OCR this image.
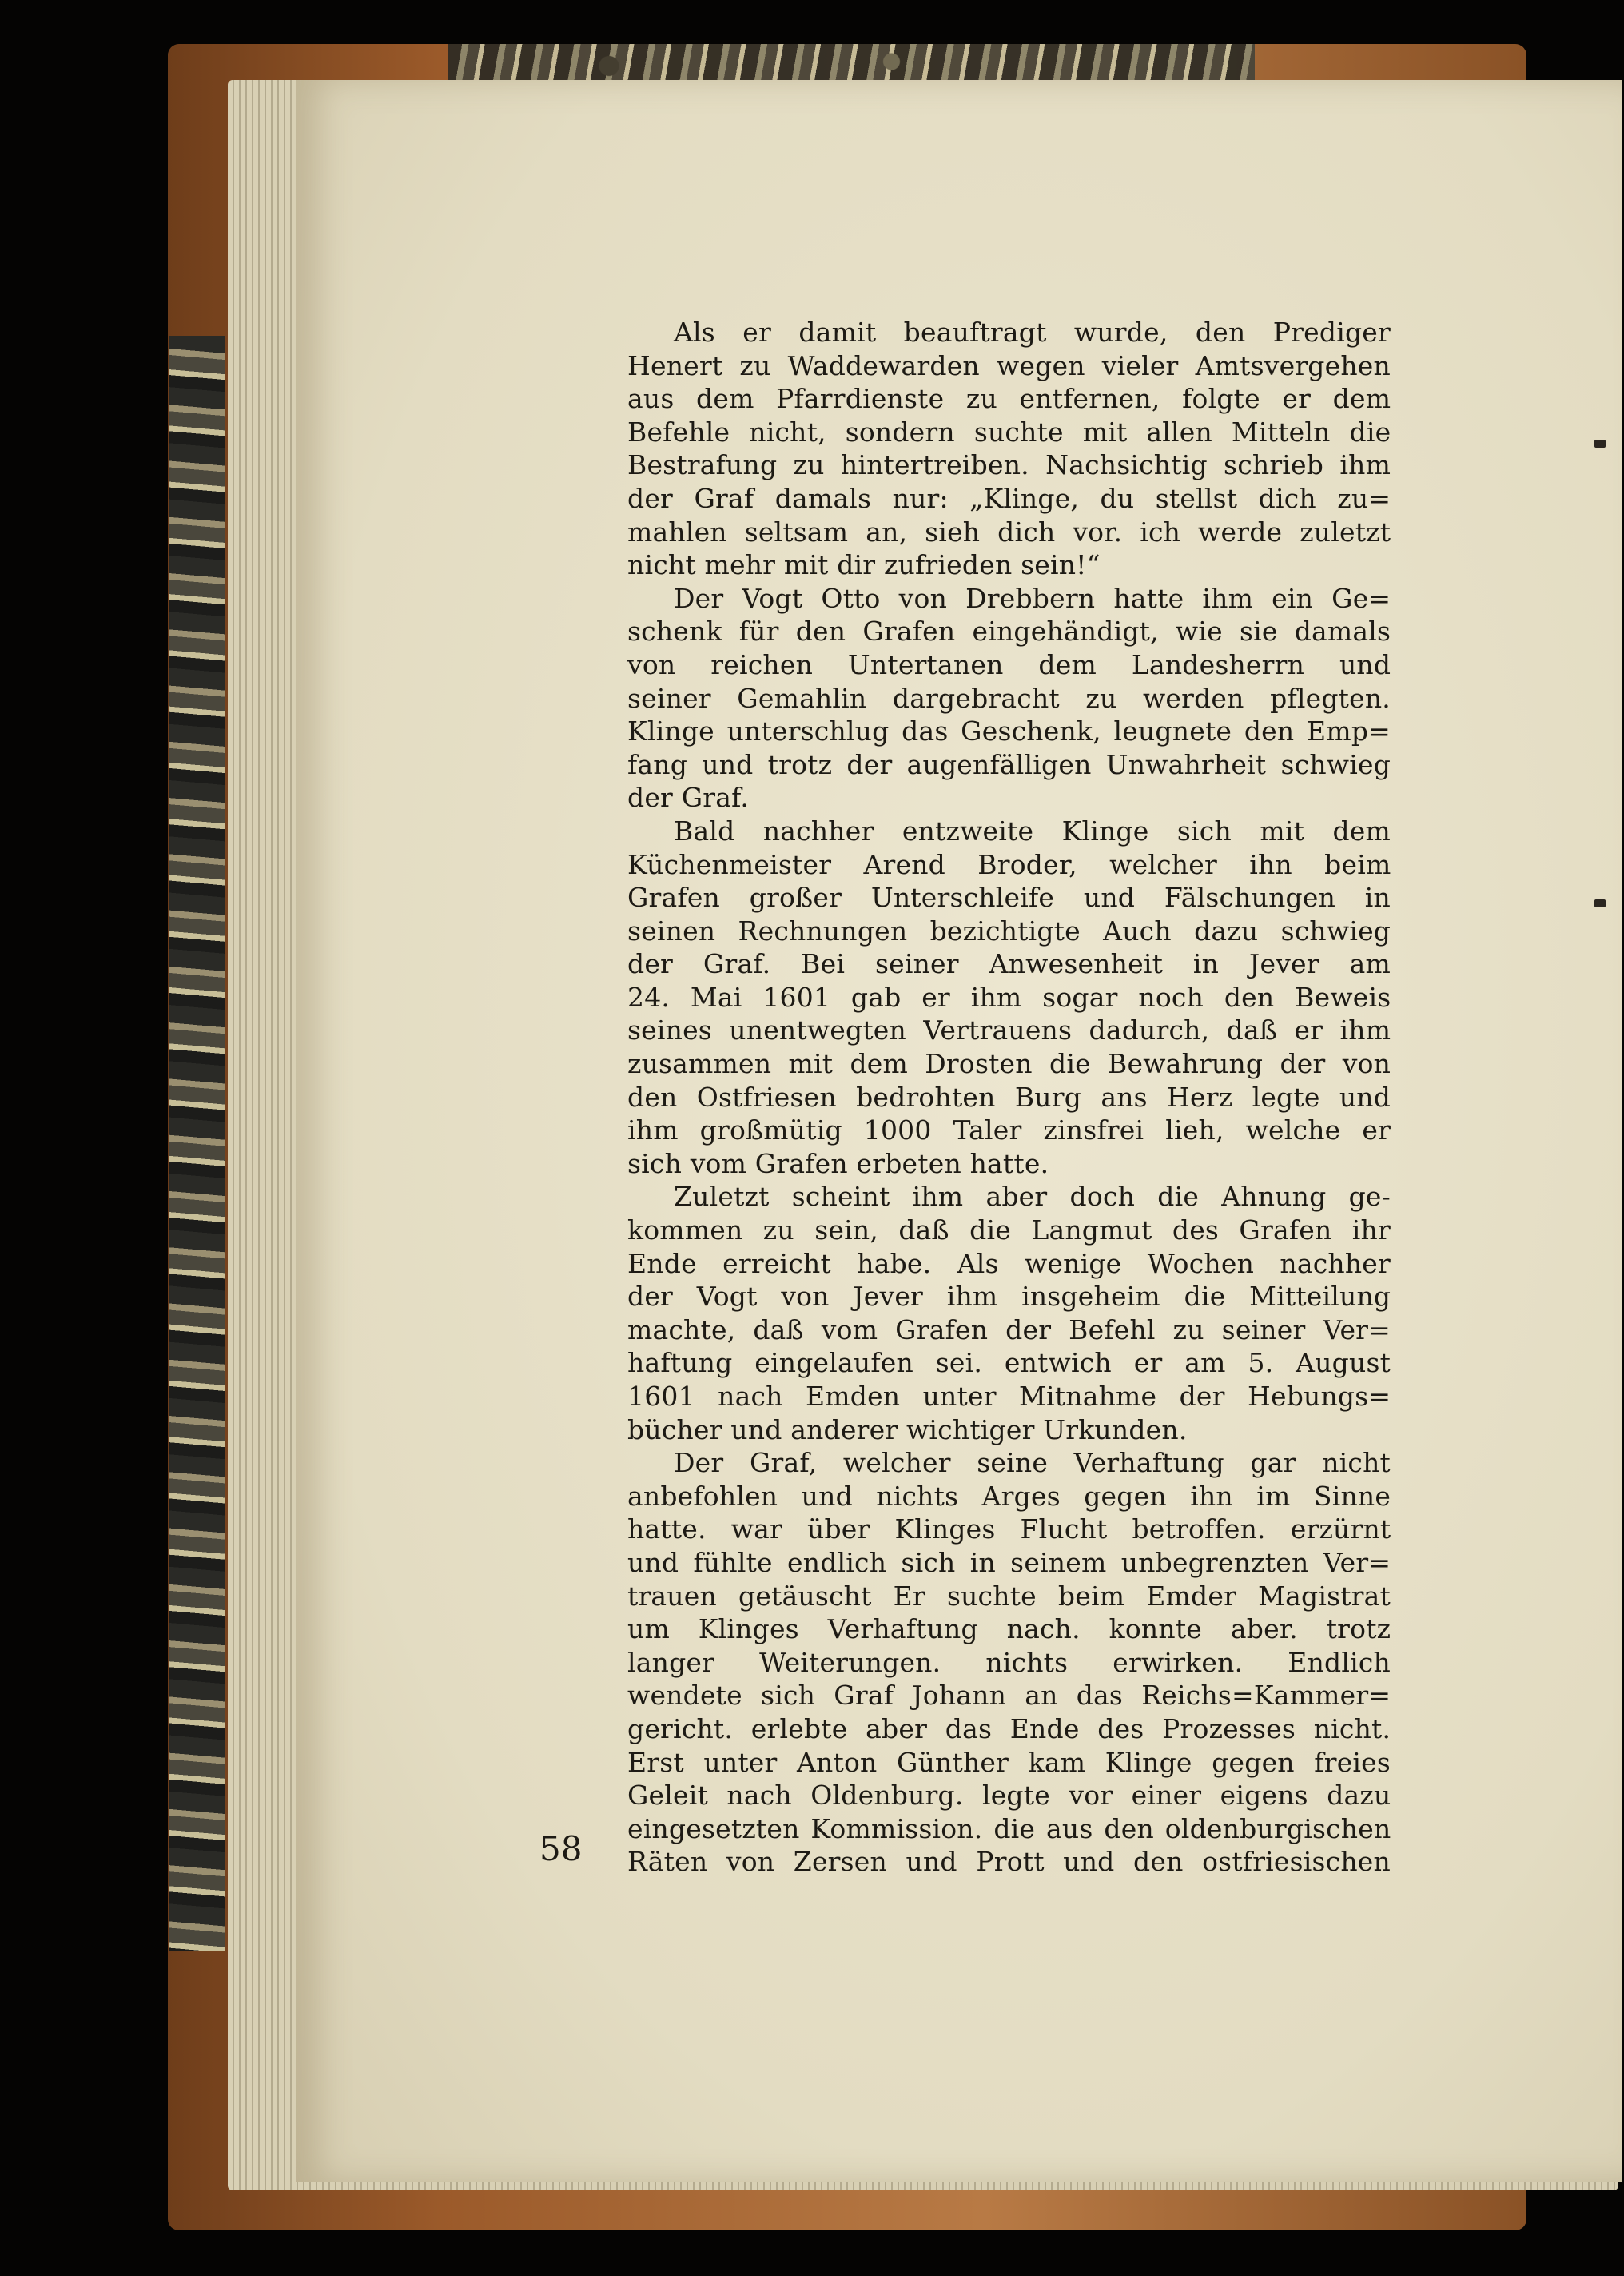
Als er damit beauftragt wurde, den Prediger
Henert zu Waddewarden wegen vieler Amtsvergehen
aus dem Pfarrdienste zu entfernen, folgte er dem
Befehle nicht, sondern suchte mit allen Mitteln die
Bestrafung zu hintertreiben. Nachsichtig schrieb ihm
der Graf damals nur: „Klinge, du stellst dich zu=
mahlen seltsam an, sieh dich vor. ich werde zuletzt
nicht mehr mit dir zufrieden sein!“
Der Vogt Otto von Drebbern hatte ihm ein Ge=
schenk für den Grafen eingehändigt, wie sie damals
von reichen Untertanen dem Landesherrn und
seiner Gemahlin dargebracht zu werden pflegten.
Klinge unterschlug das Geschenk, leugnete den Emp=
fang und trotz der augenfälligen Unwahrheit schwieg
der Graf.
Bald nachher entzweite Klinge sich mit dem
Küchenmeister Arend Broder, welcher ihn beim
Grafen großer Unterschleife und Fälschungen in
seinen Rechnungen bezichtigte Auch dazu schwieg
der Graf. Bei seiner Anwesenheit in Jever am
24. Mai 1601 gab er ihm sogar noch den Beweis
seines unentwegten Vertrauens dadurch, daß er ihm
zusammen mit dem Drosten die Bewahrung der von
den Ostfriesen bedrohten Burg ans Herz legte und
ihm großmütig 1000 Taler zinsfrei lieh, welche er
sich vom Grafen erbeten hatte.
Zuletzt scheint ihm aber doch die Ahnung ge-
kommen zu sein, daß die Langmut des Grafen ihr
Ende erreicht habe. Als wenige Wochen nachher
der Vogt von Jever ihm insgeheim die Mitteilung
machte, daß vom Grafen der Befehl zu seiner Ver=
haftung eingelaufen sei. entwich er am 5. August
1601 nach Emden unter Mitnahme der Hebungs=
bücher und anderer wichtiger Urkunden.
Der Graf, welcher seine Verhaftung gar nicht
anbefohlen und nichts Arges gegen ihn im Sinne
hatte. war über Klinges Flucht betroffen. erzürnt
und fühlte endlich sich in seinem unbegrenzten Ver=
trauen getäuscht Er suchte beim Emder Magistrat
um Klinges Verhaftung nach. konnte aber. trotz
langer Weiterungen. nichts erwirken. Endlich
wendete sich Graf Johann an das Reichs=Kammer=
gericht. erlebte aber das Ende des Prozesses nicht.
Erst unter Anton Günther kam Klinge gegen freies
Geleit nach Oldenburg. legte vor einer eigens dazu
eingesetzten Kommission. die aus den oldenburgischen
Räten von Zersen und Prott und den ostfriesischen
58
